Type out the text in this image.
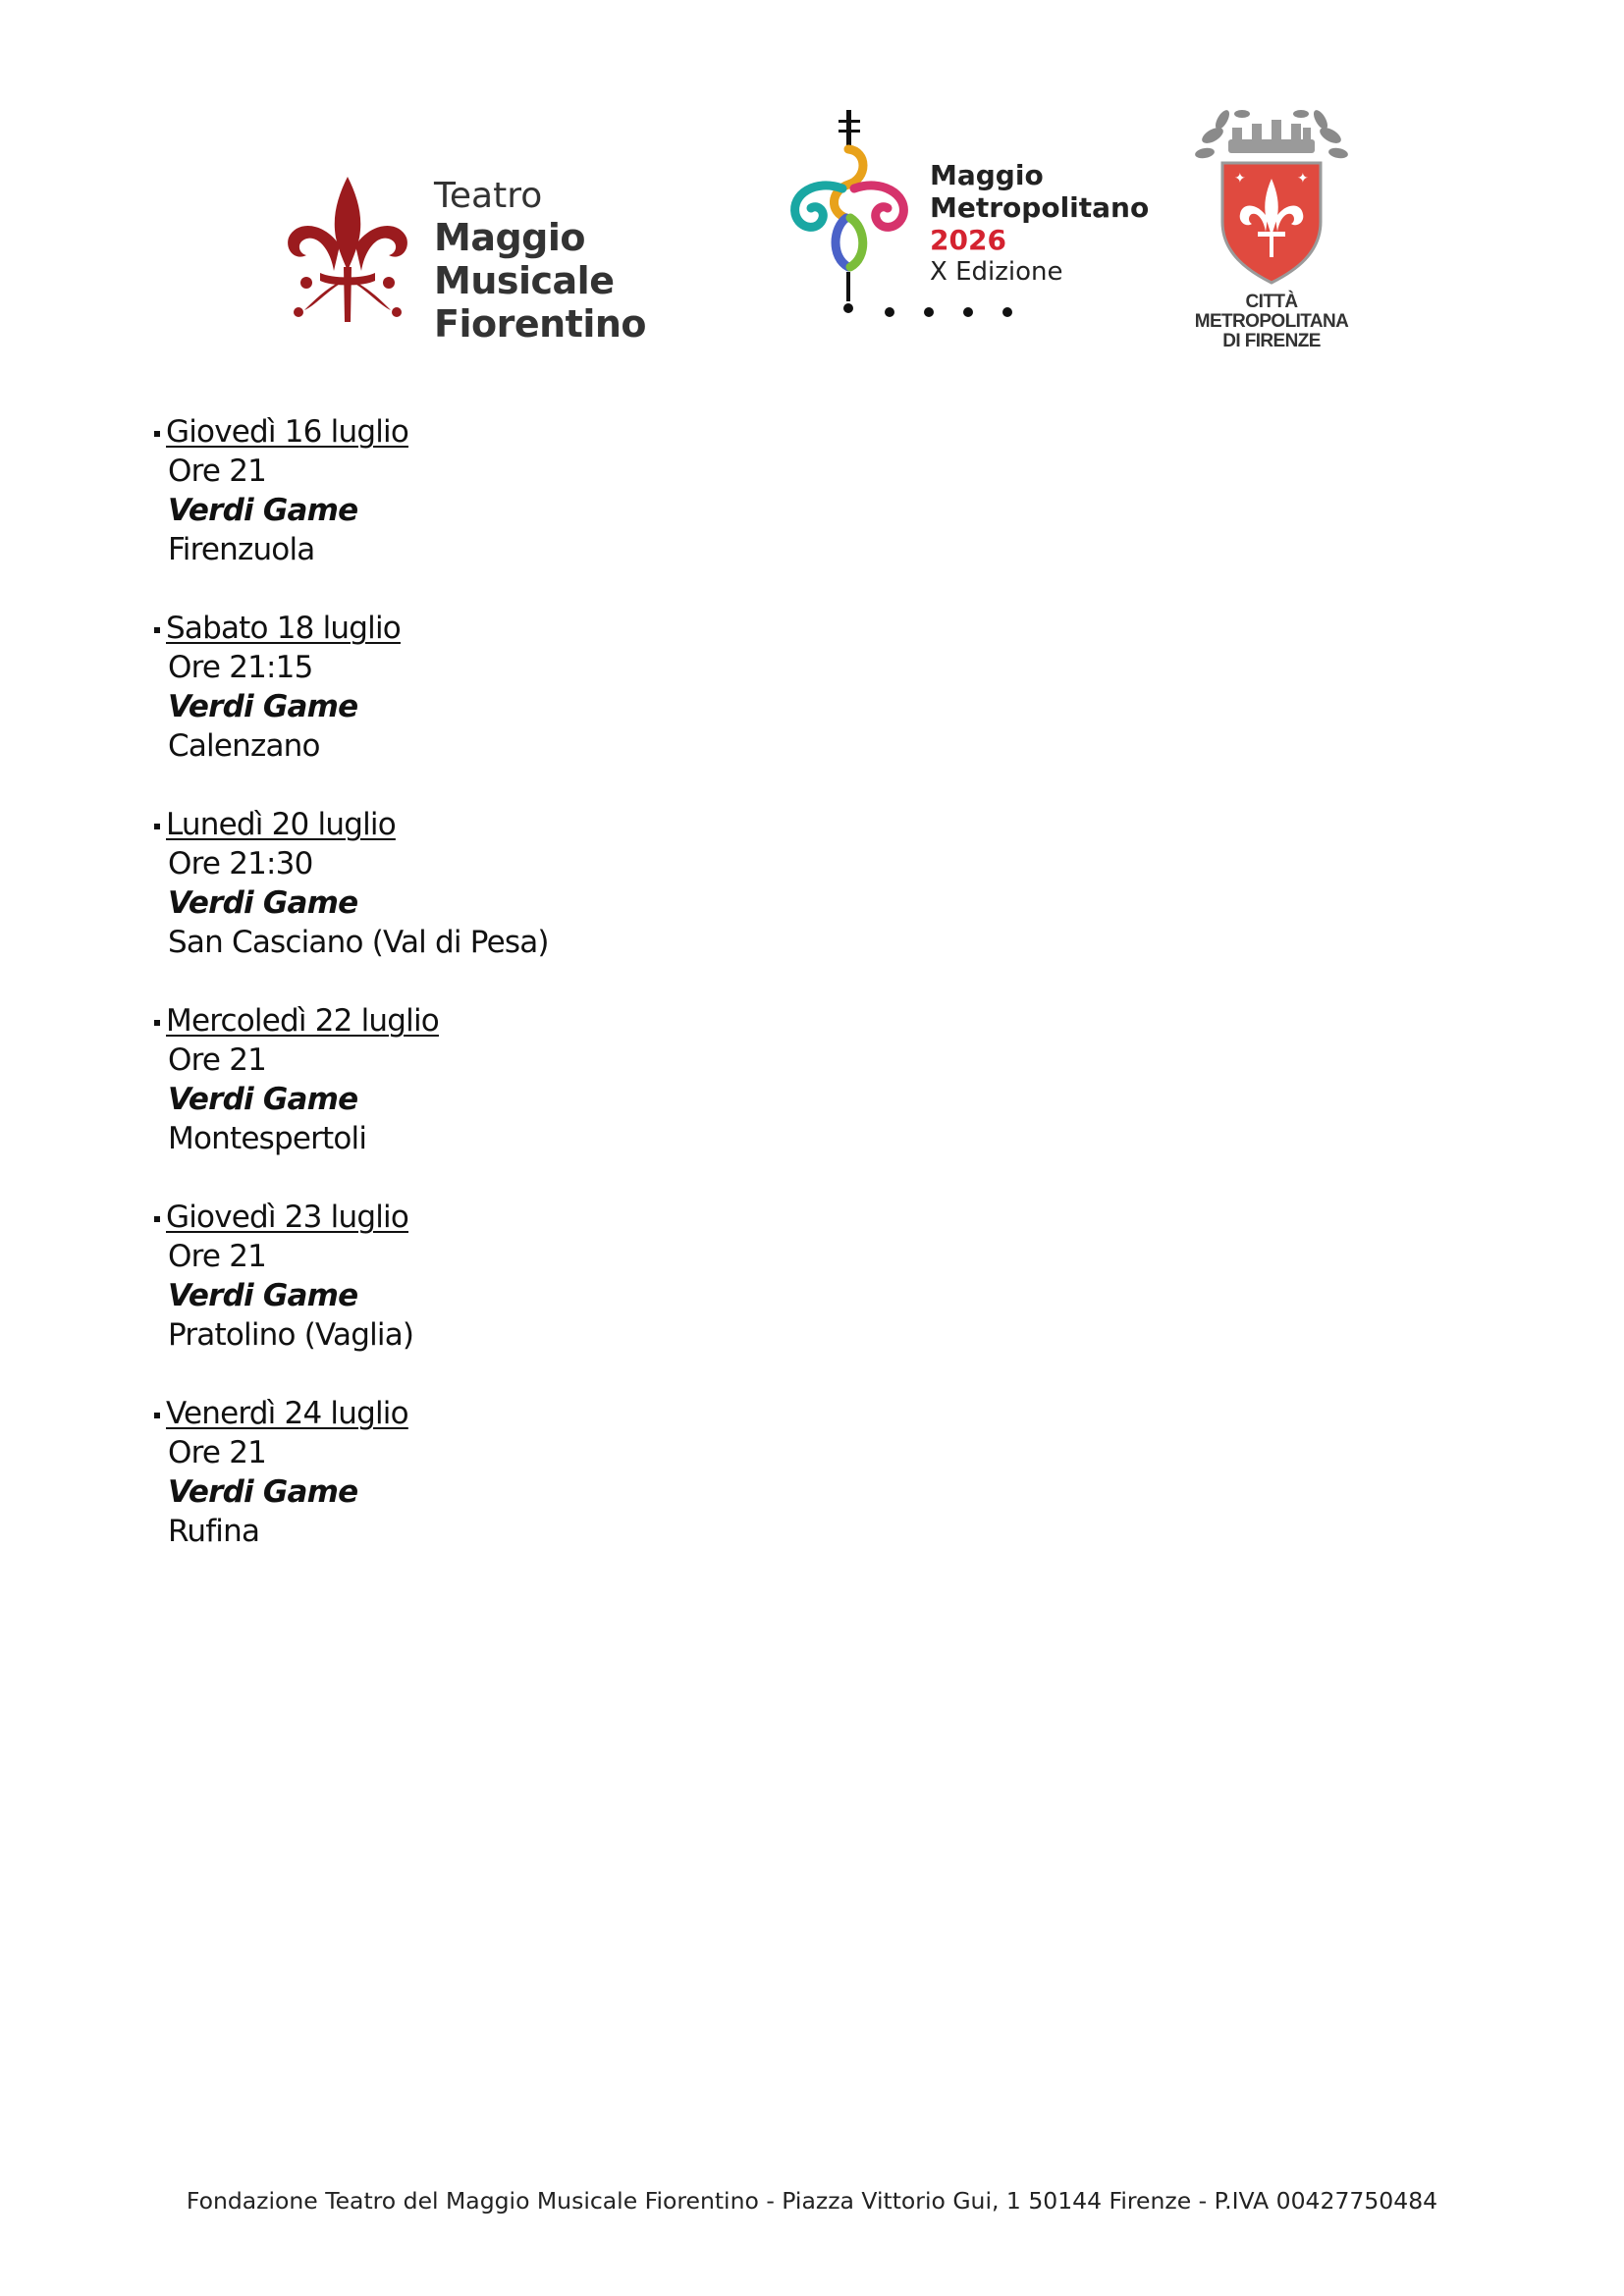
Teatro
Maggio Musicale
Fiorentino
Maggio
Metropolitano
2026
X Edizione
✦	✦
CITTÀ METROPOLITANA
DI FIRENZE
Giovedì 16 luglio
Ore 21
Verdi Game
Firenzuola
Sabato 18 luglio
Ore 21:15
Verdi Game
Calenzano
Lunedì 20 luglio
Ore 21:30
Verdi Game
San Casciano (Val di Pesa)
Mercoledì 22 luglio
Ore 21
Verdi Game
Montespertoli
Giovedì 23 luglio
Ore 21
Verdi Game
Pratolino (Vaglia)
Venerdì 24 luglio
Ore 21
Verdi Game
Rufina
Fondazione Teatro del Maggio Musicale Fiorentino - Piazza Vittorio Gui, 1 50144 Firenze - P.IVA 00427750484
